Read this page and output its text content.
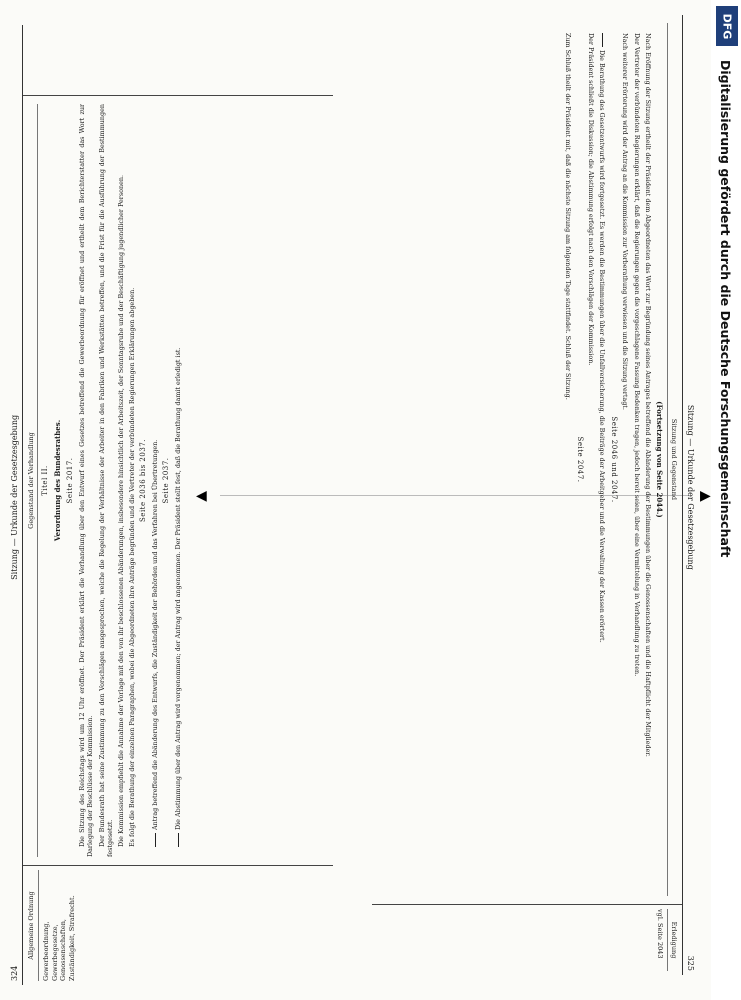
324
Sitzung — Urkunde der Gesetzesgebung
Allgemeine Ordnung	Gewerbeordnung, Gewerbegesetze, Genossenschaften, Zuständigkeit, Strafrecht.
Gegenstand der Verhandlung Titel II. Verordnung des Bundesrathes. Seite 2017. Die Sitzung des Reichstags wird um 12 Uhr eröffnet. Der Präsident erklärt die Verhandlung über den Entwurf eines Gesetzes betreffend die Gewerbeordnung für eröffnet und ertheilt dem Berichterstatter das Wort zur Darlegung der Beschlüsse der Kommission. Der Bundesrath hat seine Zustimmung zu den Vorschlägen ausgesprochen, welche die Regelung der Verhältnisse der Arbeiter in den Fabriken und Werkstätten betreffen, und die Frist für die Ausführung der Bestimmungen festgesetzt. Die Kommission empfiehlt die Annahme der Vorlage mit den von ihr beschlossenen Abänderungen, insbesondere hinsichtlich der Arbeitszeit, der Sonntagsruhe und der Beschäftigung jugendlicher Personen. Es folgt die Berathung der einzelnen Paragraphen, wobei die Abgeordneten ihre Anträge begründen und die Vertreter der verbündeten Regierungen Erklärungen abgeben. Seite 2036 bis 2037. Antrag betreffend die Abänderung des Entwurfs, die Zuständigkeit der Behörden und das Verfahren bei Übertretungen. Seite 2037. Die Abstimmung über den Antrag wird vorgenommen; der Antrag wird angenommen. Der Präsident stellt fest, daß die Berathung damit erledigt ist. ◀	▶
Sitzung — Urkunde der Gesetzesgebung
325
Sitzung und Gegenstand
(Fortsetzung von Seite 2044.)

Nach Eröffnung der Sitzung ertheilt der Präsident dem Abgeordneten das Wort zur Begründung seines Antrages betreffend die Abänderung der Bestimmungen über die Genossenschaften und die Haftpflicht der Mitglieder.

Der Vertreter der verbündeten Regierungen erklärt, daß die Regierungen gegen die vorgeschlagene Fassung Bedenken tragen, jedoch bereit seien, über eine Vermittelung in Verhandlung zu treten.

Nach weiterer Erörterung wird der Antrag an die Kommission zur Vorberathung verwiesen und die Sitzung vertagt.

Seite 2046 und 2047.

Die Berathung des Gesetzentwurfs wird fortgesetzt. Es werden die Bestimmungen über die Unfallversicherung, die Beiträge der Arbeitgeber und die Verwaltung der Kassen erörtert.

Der Präsident schließt die Diskussion; die Abstimmung erfolgt nach den Vorschlägen der Kommission.

Seite 2047.

Zum Schluß theilt der Präsident mit, daß die nächste Sitzung am folgenden Tage stattfindet. Schluß der Sitzung.

Erledigung
vgl. Seite 2043
DFG
Digitalisierung gefördert durch die Deutsche Forschungsgemeinschaft
